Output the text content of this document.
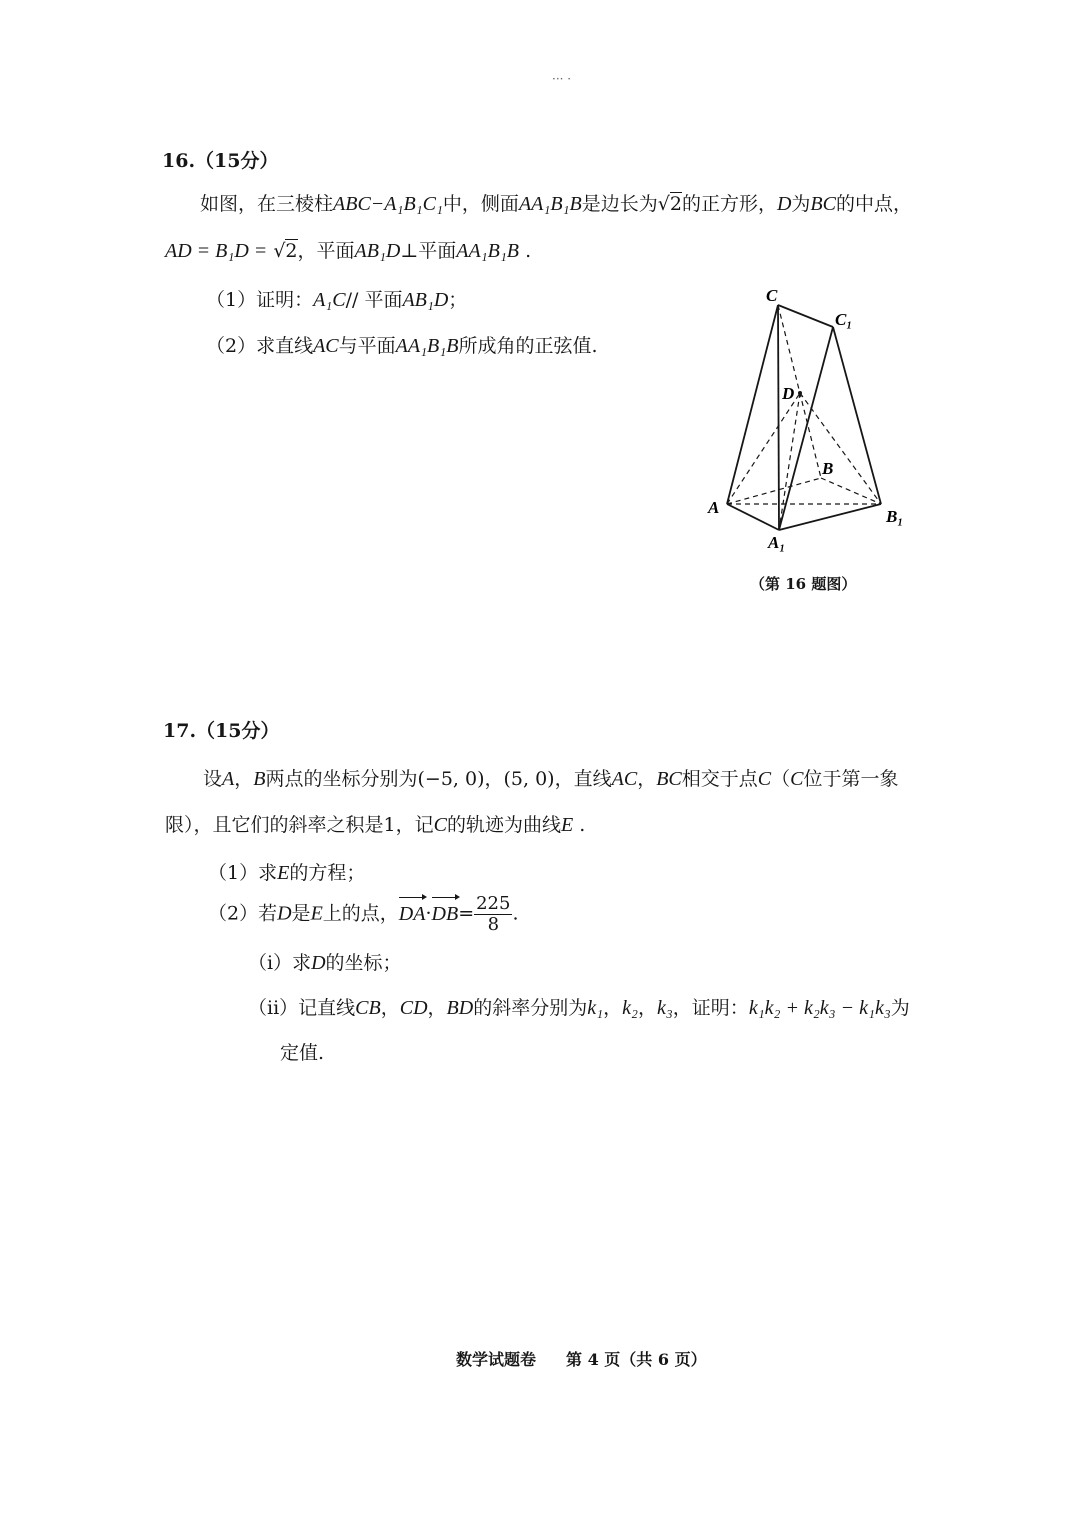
·‧· ·
16.（15分）
如图，在三棱柱ABC−A₁B₁C₁中，侧面AA₁B₁B是边长为√2的正方形，D为BC的中点，
AD = B₁D = √2，平面AB₁D⊥平面AA₁B₁B .
（1）证明：A₁C// 平面AB₁D；
（2）求直线AC与平面AA₁B₁B所成角的正弦值.
C
C₁
D
B
A	B₁
A₁
（第 16 题图）
17.（15分）
设A，B两点的坐标分别为(−5, 0)，(5, 0)，直线AC，BC相交于点C（C位于第一象
限），且它们的斜率之积是1，记C的轨迹为曲线E .
（1）求E的方程；
（2）若D是E上的点，$DA\cdot DB= \frac{225}{8}$ .
（i）求D的坐标；
（ii）记直线CB，CD，BD的斜率分别为k₁，k₂，k₃，证明：k₁k₂ + k₂k₃ − k₁k₃为
定值.
数学试题卷 第 4 页（共 6 页）
